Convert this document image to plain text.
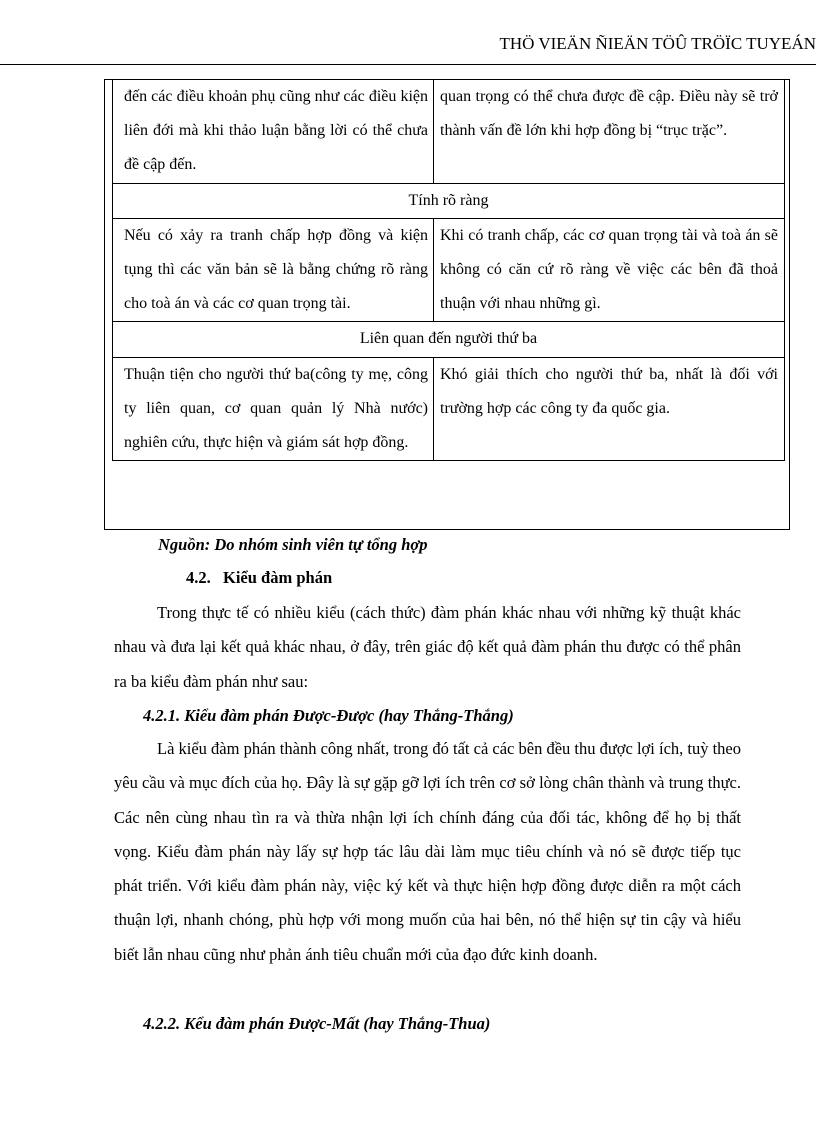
THÖ VIEÄN ÑIEÄN TÖÛ TRÖÏC TUYEÁN
đến các điều khoản phụ cũng như các điều kiện liên đới mà khi thảo luận bằng lời có thể chưa đề cập đến.	quan trọng có thể chưa được đề cập. Điều này sẽ trở thành vấn đề lớn khi hợp đồng bị “trục trặc”.
Tính rõ ràng	
Nếu có xảy ra tranh chấp hợp đồng và kiện tụng thì các văn bản sẽ là bằng chứng rõ ràng cho toà án và các cơ quan trọng tài.	Khi có tranh chấp, các cơ quan trọng tài và toà án sẽ không có căn cứ rõ ràng về việc các bên đã thoả thuận với nhau những gì.
Liên quan đến người thứ ba	
Thuận tiện cho người thứ ba(công ty mẹ, công ty liên quan, cơ quan quản lý Nhà nước) nghiên cứu, thực hiện và giám sát hợp đồng.	Khó giải thích cho người thứ ba, nhất là đối với trường hợp các công ty đa quốc gia.
Nguồn: Do nhóm sinh viên tự tổng hợp
4.2. Kiểu đàm phán
Trong thực tế có nhiều kiểu (cách thức) đàm phán khác nhau với những kỹ thuật khác nhau và đưa lại kết quả khác nhau, ở đây, trên giác độ kết quả đàm phán thu được có thể phân ra ba kiểu đàm phán như sau:
4.2.1. Kiểu đàm phán Được-Được (hay Thắng-Thắng)
Là kiểu đàm phán thành công nhất, trong đó tất cả các bên đều thu được lợi ích, tuỳ theo yêu cầu và mục đích của họ. Đây là sự gặp gỡ lợi ích trên cơ sở lòng chân thành và trung thực. Các nên cùng nhau tìn ra và thừa nhận lợi ích chính đáng của đối tác, không để họ bị thất vọng. Kiểu đàm phán này lấy sự hợp tác lâu dài làm mục tiêu chính và nó sẽ được tiếp tục phát triển. Với kiểu đàm phán này, việc ký kết và thực hiện hợp đồng được diễn ra một cách thuận lợi, nhanh chóng, phù hợp với mong muốn của hai bên, nó thể hiện sự tin cậy và hiểu biết lẫn nhau cũng như phản ánh tiêu chuẩn mới của đạo đức kinh doanh.
4.2.2. Kểu đàm phán Được-Mất (hay Thắng-Thua)
